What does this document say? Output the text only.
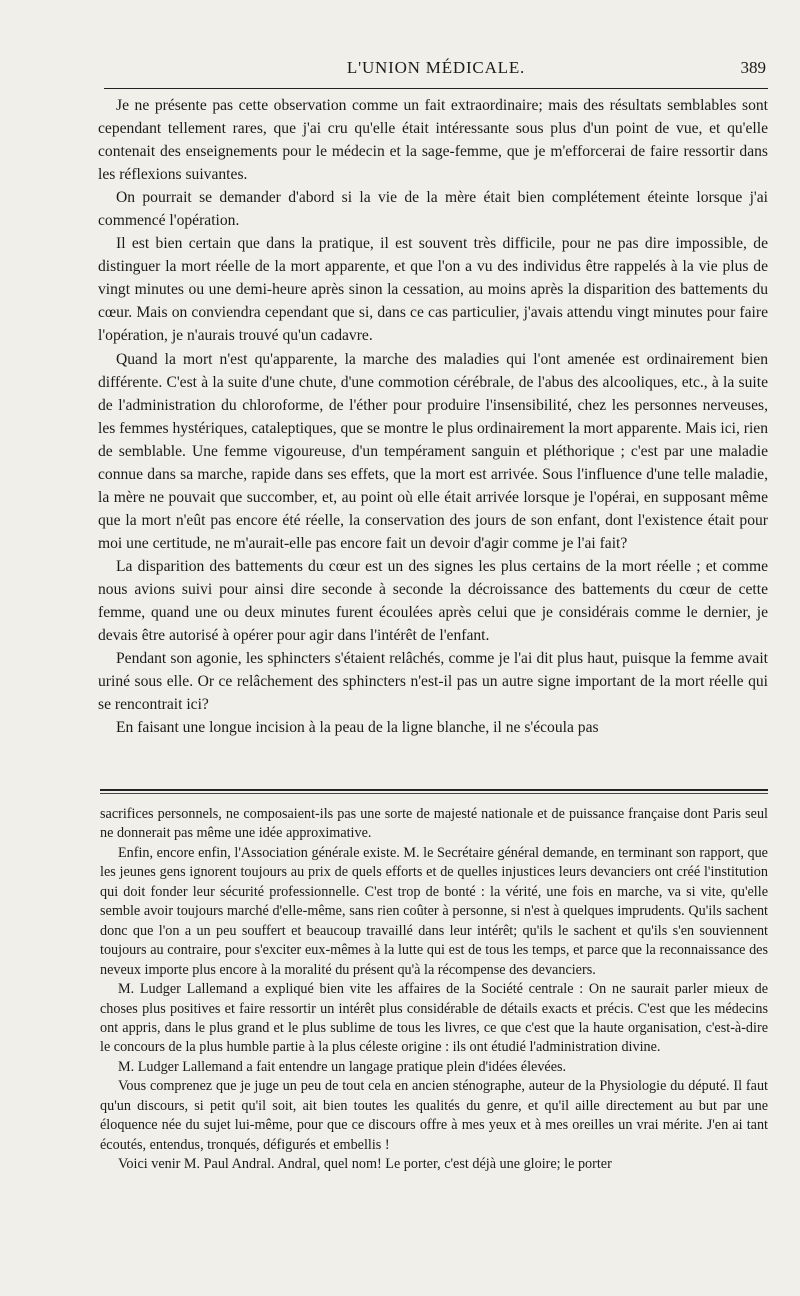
L'UNION MÉDICALE.	389

Je ne présente pas cette observation comme un fait extraordinaire; mais des résultats semblables sont cependant tellement rares, que j'ai cru qu'elle était intéressante sous plus d'un point de vue, et qu'elle contenait des enseignements pour le médecin et la sage-femme, que je m'efforcerai de faire ressortir dans les réflexions suivantes.

On pourrait se demander d'abord si la vie de la mère était bien complétement éteinte lorsque j'ai commencé l'opération.

Il est bien certain que dans la pratique, il est souvent très difficile, pour ne pas dire impossible, de distinguer la mort réelle de la mort apparente, et que l'on a vu des individus être rappelés à la vie plus de vingt minutes ou une demi-heure après sinon la cessation, au moins après la disparition des battements du cœur. Mais on conviendra cependant que si, dans ce cas particulier, j'avais attendu vingt minutes pour faire l'opération, je n'aurais trouvé qu'un cadavre.

Quand la mort n'est qu'apparente, la marche des maladies qui l'ont amenée est ordinairement bien différente. C'est à la suite d'une chute, d'une commotion cérébrale, de l'abus des alcooliques, etc., à la suite de l'administration du chloroforme, de l'éther pour produire l'insensibilité, chez les personnes nerveuses, les femmes hystériques, cataleptiques, que se montre le plus ordinairement la mort apparente. Mais ici, rien de semblable. Une femme vigoureuse, d'un tempérament sanguin et pléthorique ; c'est par une maladie connue dans sa marche, rapide dans ses effets, que la mort est arrivée. Sous l'influence d'une telle maladie, la mère ne pouvait que succomber, et, au point où elle était arrivée lorsque je l'opérai, en supposant même que la mort n'eût pas encore été réelle, la conservation des jours de son enfant, dont l'existence était pour moi une certitude, ne m'aurait-elle pas encore fait un devoir d'agir comme je l'ai fait?

La disparition des battements du cœur est un des signes les plus certains de la mort réelle ; et comme nous avions suivi pour ainsi dire seconde à seconde la décroissance des battements du cœur de cette femme, quand une ou deux minutes furent écoulées après celui que je considérais comme le dernier, je devais être autorisé à opérer pour agir dans l'intérêt de l'enfant.

Pendant son agonie, les sphincters s'étaient relâchés, comme je l'ai dit plus haut, puisque la femme avait uriné sous elle. Or ce relâchement des sphincters n'est-il pas un autre signe important de la mort réelle qui se rencontrait ici?

En faisant une longue incision à la peau de la ligne blanche, il ne s'écoula pas

sacrifices personnels, ne composaient-ils pas une sorte de majesté nationale et de puissance française dont Paris seul ne donnerait pas même une idée approximative.

Enfin, encore enfin, l'Association générale existe. M. le Secrétaire général demande, en terminant son rapport, que les jeunes gens ignorent toujours au prix de quels efforts et de quelles injustices leurs devanciers ont créé l'institution qui doit fonder leur sécurité professionnelle. C'est trop de bonté : la vérité, une fois en marche, va si vite, qu'elle semble avoir toujours marché d'elle-même, sans rien coûter à personne, si n'est à quelques imprudents. Qu'ils sachent donc que l'on a un peu souffert et beaucoup travaillé dans leur intérêt; qu'ils le sachent et qu'ils s'en souviennent toujours au contraire, pour s'exciter eux-mêmes à la lutte qui est de tous les temps, et parce que la reconnaissance des neveux importe plus encore à la moralité du présent qu'à la récompense des devanciers.

M. Ludger Lallemand a expliqué bien vite les affaires de la Société centrale : On ne saurait parler mieux de choses plus positives et faire ressortir un intérêt plus considérable de détails exacts et précis. C'est que les médecins ont appris, dans le plus grand et le plus sublime de tous les livres, ce que c'est que la haute organisation, c'est-à-dire le concours de la plus humble partie à la plus céleste origine : ils ont étudié l'administration divine.

M. Ludger Lallemand a fait entendre un langage pratique plein d'idées élevées.

Vous comprenez que je juge un peu de tout cela en ancien sténographe, auteur de la Physiologie du député. Il faut qu'un discours, si petit qu'il soit, ait bien toutes les qualités du genre, et qu'il aille directement au but par une éloquence née du sujet lui-même, pour que ce discours offre à mes yeux et à mes oreilles un vrai mérite. J'en ai tant écoutés, entendus, tronqués, défigurés et embellis !

Voici venir M. Paul Andral. Andral, quel nom! Le porter, c'est déjà une gloire; le porter
